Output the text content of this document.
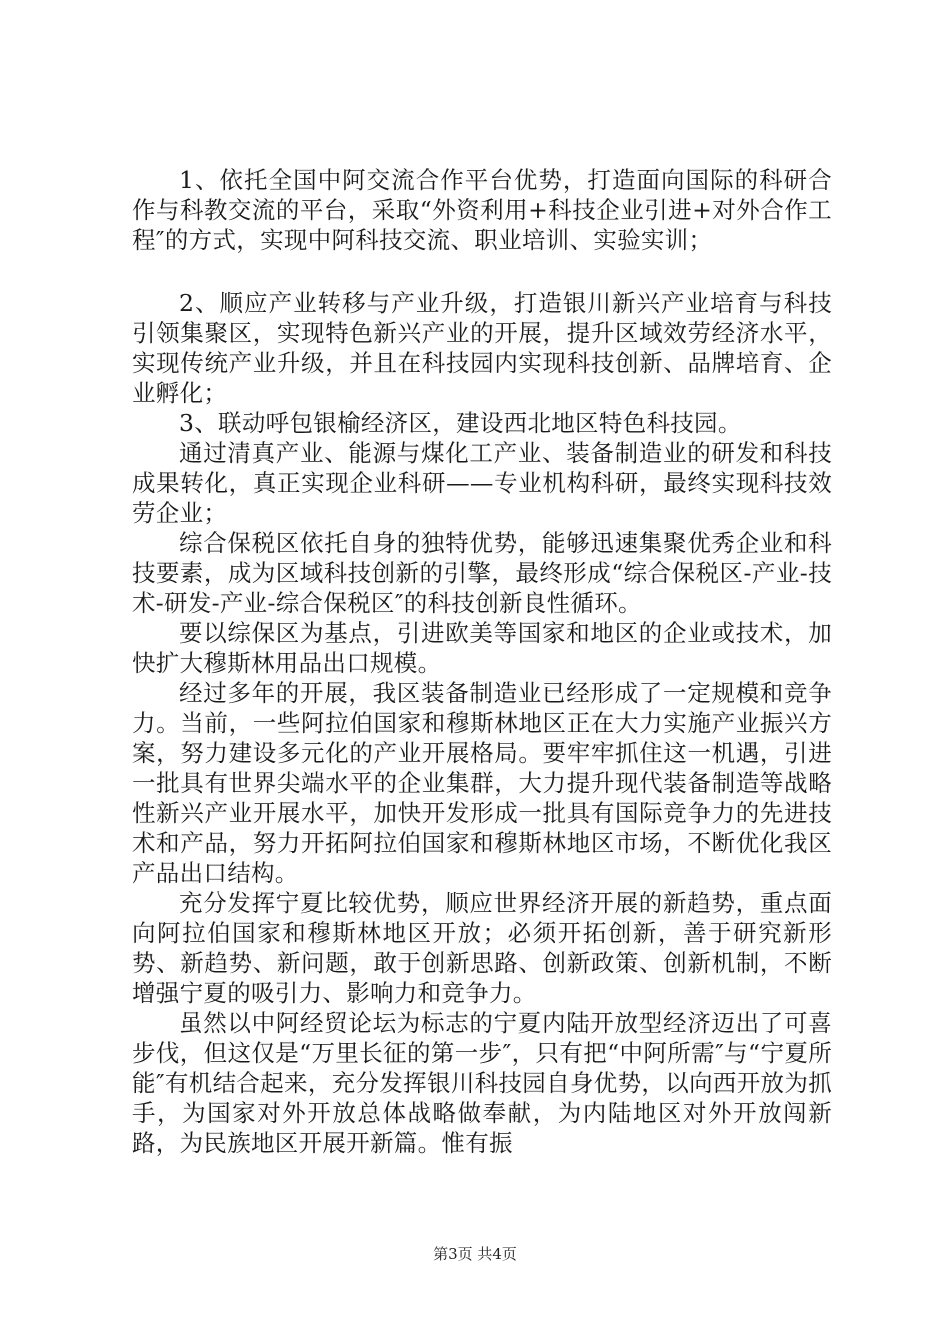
1、依托全国中阿交流合作平台优势，打造面向国际的科研合作与科教交流的平台，采取“外资利用+科技企业引进+对外合作工程″的方式，实现中阿科技交流、职业培训、实验实训；

2、顺应产业转移与产业升级，打造银川新兴产业培育与科技引领集聚区，实现特色新兴产业的开展，提升区域效劳经济水平，实现传统产业升级，并且在科技园内实现科技创新、品牌培育、企业孵化；

3、联动呼包银榆经济区，建设西北地区特色科技园。

通过清真产业、能源与煤化工产业、装备制造业的研发和科技成果转化，真正实现企业科研——专业机构科研，最终实现科技效劳企业；

综合保税区依托自身的独特优势，能够迅速集聚优秀企业和科技要素，成为区域科技创新的引擎，最终形成“综合保税区-产业-技术-研发-产业-综合保税区″的科技创新良性循环。

要以综保区为基点，引进欧美等国家和地区的企业或技术，加快扩大穆斯林用品出口规模。

经过多年的开展，我区装备制造业已经形成了一定规模和竞争力。当前，一些阿拉伯国家和穆斯林地区正在大力实施产业振兴方案，努力建设多元化的产业开展格局。要牢牢抓住这一机遇，引进一批具有世界尖端水平的企业集群，大力提升现代装备制造等战略性新兴产业开展水平，加快开发形成一批具有国际竞争力的先进技术和产品，努力开拓阿拉伯国家和穆斯林地区市场，不断优化我区产品出口结构。

充分发挥宁夏比较优势，顺应世界经济开展的新趋势，重点面向阿拉伯国家和穆斯林地区开放；必须开拓创新，善于研究新形势、新趋势、新问题，敢于创新思路、创新政策、创新机制，不断增强宁夏的吸引力、影响力和竞争力。

虽然以中阿经贸论坛为标志的宁夏内陆开放型经济迈出了可喜步伐，但这仅是“万里长征的第一步″，只有把“中阿所需″与“宁夏所能″有机结合起来，充分发挥银川科技园自身优势，以向西开放为抓手，为国家对外开放总体战略做奉献，为内陆地区对外开放闯新路，为民族地区开展开新篇。惟有振

第3页 共4页
